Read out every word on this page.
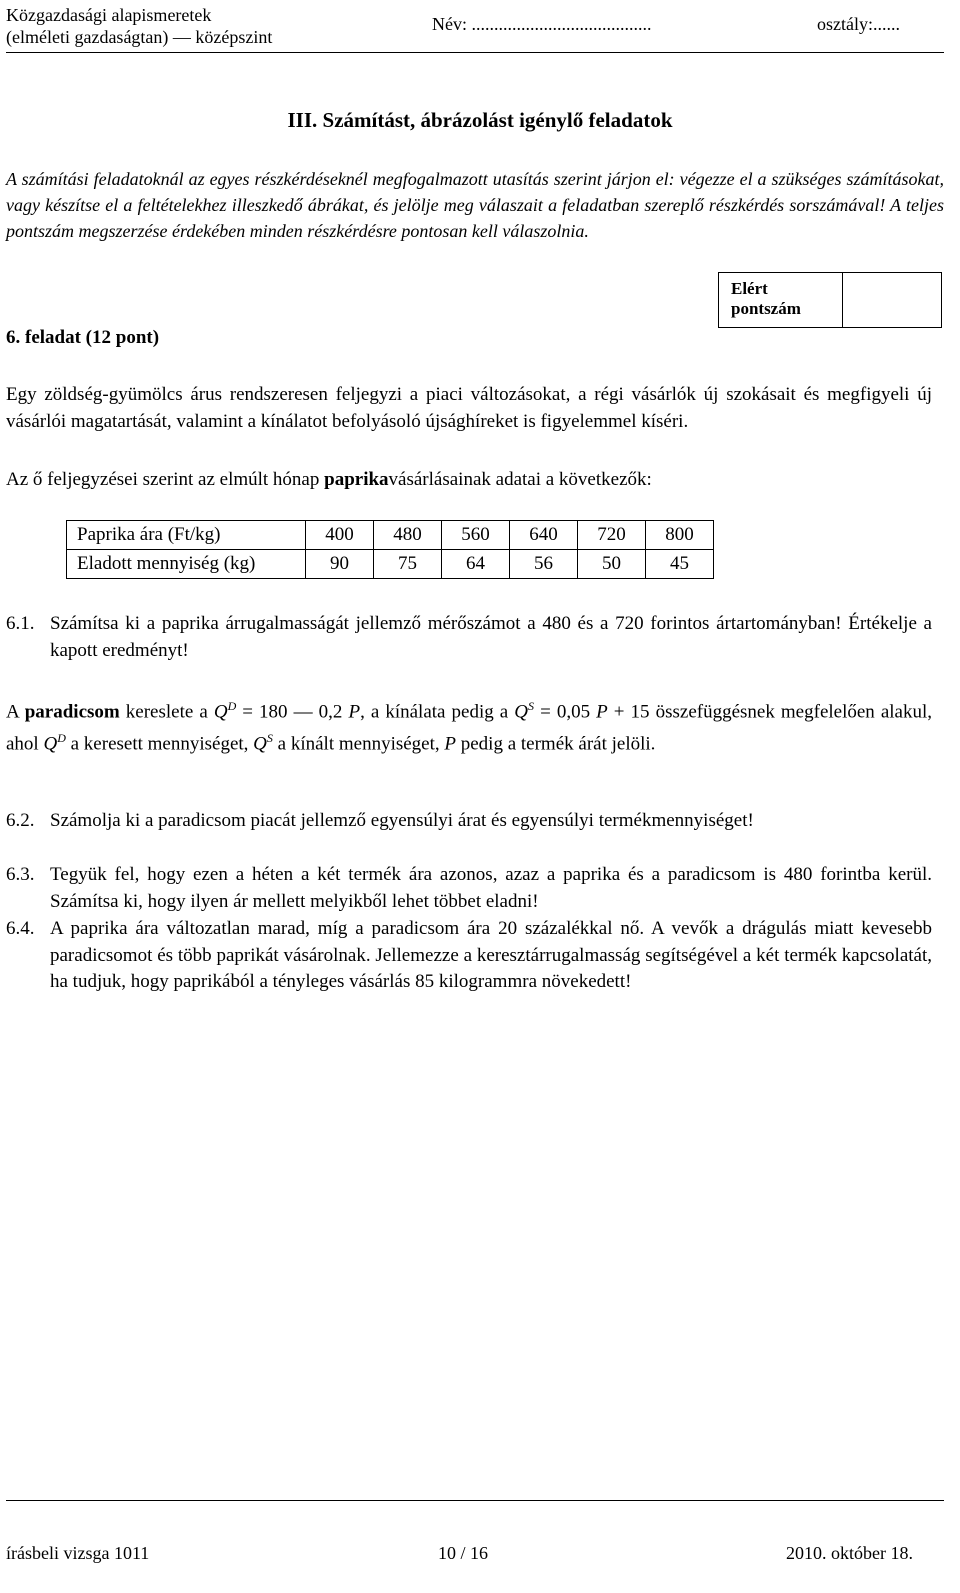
Közgazdasági alapismeretek
(elméleti gazdaságtan) — középszint
Név: ........................................	osztály:......
III. Számítást, ábrázolást igénylő feladatok
A számítási feladatoknál az egyes részkérdéseknél megfogalmazott utasítás szerint járjon el: végezze el a szükséges számításokat, vagy készítse el a feltételekhez illeszkedő ábrákat, és jelölje meg válaszait a feladatban szereplő részkérdés sorszámával! A teljes pontszám megszerzése érdekében minden részkérdésre pontosan kell válaszolnia.
Elért
pontszám
6. feladat (12 pont)
Egy zöldség-gyümölcs árus rendszeresen feljegyzi a piaci változásokat, a régi vásárlók új szokásait és megfigyeli új vásárlói magatartását, valamint a kínálatot befolyásoló újsághíreket is figyelemmel kíséri.
Az ő feljegyzései szerint az elmúlt hónap paprikavásárlásainak adatai a következők:
Paprika ára (Ft/kg)	400	480	560	640	720	800
Eladott mennyiség (kg)	90	75	64	56	50	45
6.1. Számítsa ki a paprika árrugalmasságát jellemző mérőszámot a 480 és a 720 forintos ártartományban! Értékelje a kapott eredményt!
A paradicsom kereslete a $Q^D = 180$ — 0,2 P, a kínálata pedig a $Q^S = 0,05$ P + 15 összefüggésnek megfelelően alakul, ahol $Q^D$ a keresett mennyiséget, $Q^S$ a kínált mennyiséget, P pedig a termék árát jelöli.
6.2. Számolja ki a paradicsom piacát jellemző egyensúlyi árat és egyensúlyi termékmennyiséget!
6.3. Tegyük fel, hogy ezen a héten a két termék ára azonos, azaz a paprika és a paradicsom is 480 forintba kerül. Számítsa ki, hogy ilyen ár mellett melyikből lehet többet eladni!
6.4. A paprika ára változatlan marad, míg a paradicsom ára 20 százalékkal nő. A vevők a drágulás miatt kevesebb paradicsomot és több paprikát vásárolnak. Jellemezze a keresztárrugalmasság segítségével a két termék kapcsolatát, ha tudjuk, hogy paprikából a tényleges vásárlás 85 kilogrammra növekedett!
írásbeli vizsga 1011	10 / 16	2010. október 18.
